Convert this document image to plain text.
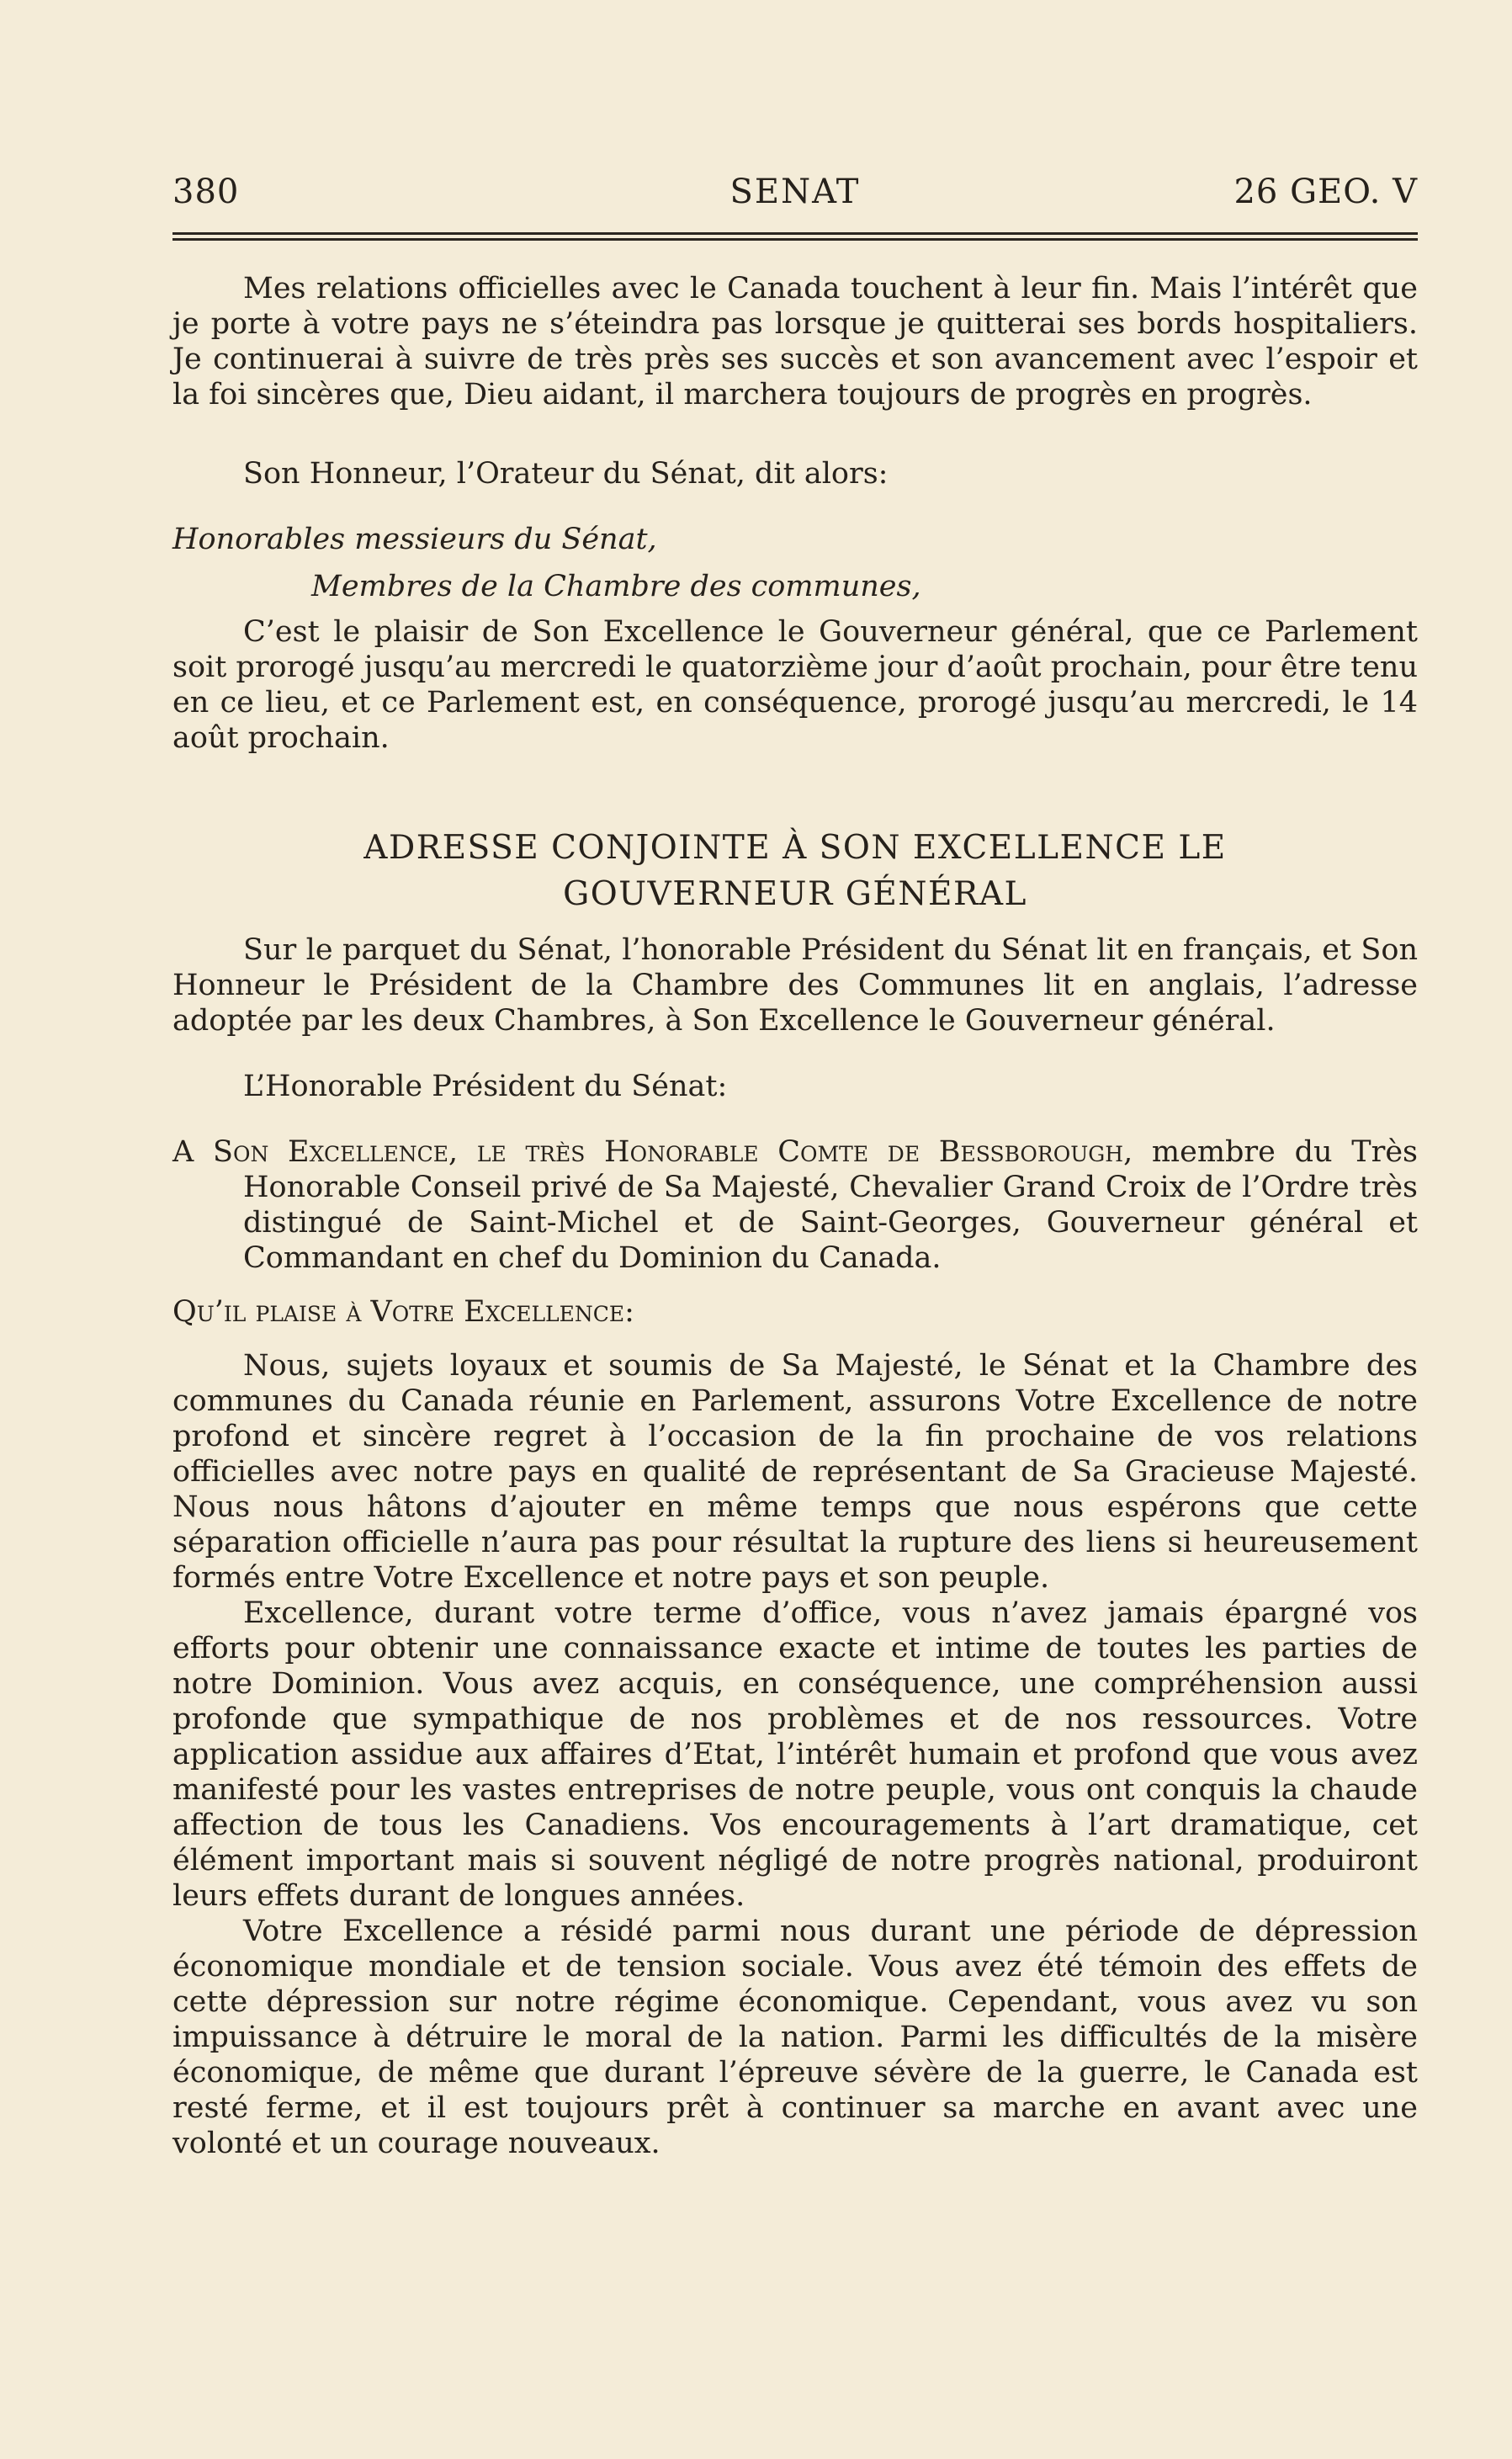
380	SENAT	26 GEO. V

Mes relations officielles avec le Canada touchent à leur fin. Mais l’intérêt que je porte à votre pays ne s’éteindra pas lorsque je quitterai ses bords hospitaliers. Je continuerai à suivre de très près ses succès et son avancement avec l’espoir et la foi sincères que, Dieu aidant, il marchera toujours de progrès en progrès.

Son Honneur, l’Orateur du Sénat, dit alors:

Honorables messieurs du Sénat,

Membres de la Chambre des communes,

C’est le plaisir de Son Excellence le Gouverneur général, que ce Parlement soit prorogé jusqu’au mercredi le quatorzième jour d’août prochain, pour être tenu en ce lieu, et ce Parlement est, en conséquence, prorogé jusqu’au mercredi, le 14 août prochain.

ADRESSE CONJOINTE À SON EXCELLENCE LE
GOUVERNEUR GÉNÉRAL

Sur le parquet du Sénat, l’honorable Président du Sénat lit en français, et Son Honneur le Président de la Chambre des Communes lit en anglais, l’adresse adoptée par les deux Chambres, à Son Excellence le Gouverneur général.

L’Honorable Président du Sénat:

A Son Excellence, le très Honorable Comte de Bessborough, membre du Très Honorable Conseil privé de Sa Majesté, Chevalier Grand Croix de l’Ordre très distingué de Saint-Michel et de Saint-Georges, Gouverneur général et Commandant en chef du Dominion du Canada.

Qu’il plaise à Votre Excellence:

Nous, sujets loyaux et soumis de Sa Majesté, le Sénat et la Chambre des communes du Canada réunie en Parlement, assurons Votre Excellence de notre profond et sincère regret à l’occasion de la fin prochaine de vos relations officielles avec notre pays en qualité de représentant de Sa Gracieuse Majesté. Nous nous hâtons d’ajouter en même temps que nous espérons que cette séparation officielle n’aura pas pour résultat la rupture des liens si heureusement formés entre Votre Excellence et notre pays et son peuple.

Excellence, durant votre terme d’office, vous n’avez jamais épargné vos efforts pour obtenir une connaissance exacte et intime de toutes les parties de notre Dominion. Vous avez acquis, en conséquence, une compréhension aussi profonde que sympathique de nos problèmes et de nos ressources. Votre application assidue aux affaires d’Etat, l’intérêt humain et profond que vous avez manifesté pour les vastes entreprises de notre peuple, vous ont conquis la chaude affection de tous les Canadiens. Vos encouragements à l’art dramatique, cet élément important mais si souvent négligé de notre progrès national, produiront leurs effets durant de longues années.

Votre Excellence a résidé parmi nous durant une période de dépression économique mondiale et de tension sociale. Vous avez été témoin des effets de cette dépression sur notre régime économique. Cependant, vous avez vu son impuissance à détruire le moral de la nation. Parmi les difficultés de la misère économique, de même que durant l’épreuve sévère de la guerre, le Canada est resté ferme, et il est toujours prêt à continuer sa marche en avant avec une volonté et un courage nouveaux.
